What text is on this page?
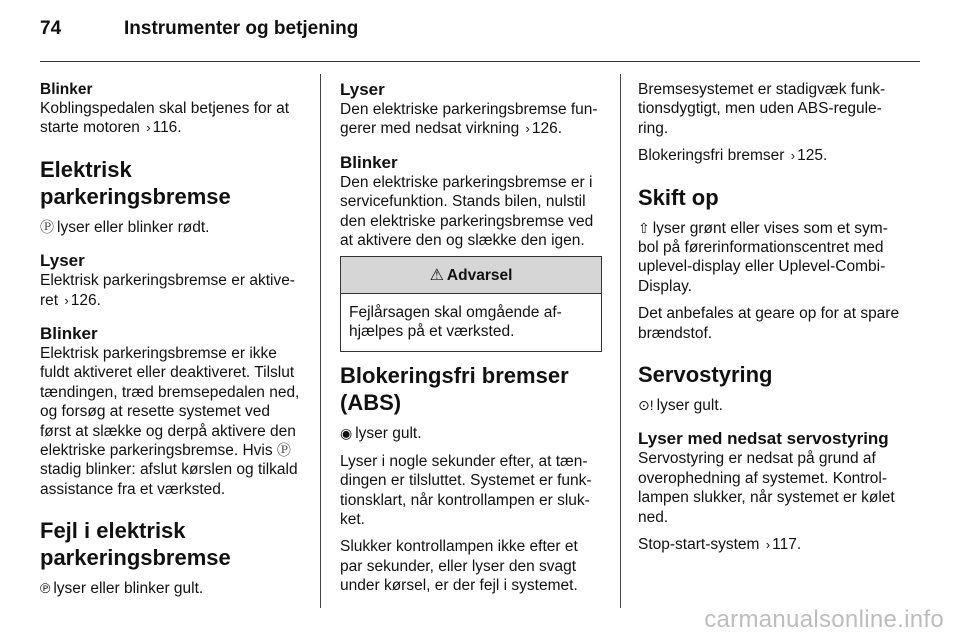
74	Instrumenter og betjening

Blinker

Koblingspedalen skal betjenes for at starte motoren › 116.

Elektrisk

parkeringsbremse

Ⓟ lyser eller blinker rødt.

Lyser

Elektrisk parkeringsbremse er aktive-ret › 126.

Blinker

Elektrisk parkeringsbremse er ikke fuldt aktiveret eller deaktiveret. Tilslut tændingen, træd bremsepedalen ned, og forsøg at resette systemet ved først at slække og derpå aktivere den elektriske parkeringsbremse. Hvis Ⓟstadig blinker: afslut kørslen og tilkald assistance fra et værksted.

Fejl i elektrisk

parkeringsbremse

℗ lyser eller blinker gult.

Lyser

Den elektriske parkeringsbremse fun-gerer med nedsat virkning › 126.

Blinker

Den elektriske parkeringsbremse er i servicefunktion. Stands bilen, nulstil den elektriske parkeringsbremse ved at aktivere den og slække den igen.

⚠ Advarsel
Fejlårsagen skal omgående af-hjælpes på et værksted.

Blokeringsfri bremser

(ABS)

◉ lyser gult.

Lyser i nogle sekunder efter, at tæn-dingen er tilsluttet. Systemet er funk-tionsklart, når kontrollampen er sluk-ket.

Slukker kontrollampen ikke efter et par sekunder, eller lyser den svagt under kørsel, er der fejl i systemet.

Bremsesystemet er stadigvæk funk-tionsdygtigt, men uden ABS-regule-ring.

Blokeringsfri bremser › 125.

Skift op

⇧ lyser grønt eller vises som et sym-bol på førerinformationscentret med uplevel-display eller Uplevel-Combi-Display.

Det anbefales at geare op for at spare brændstof.

Servostyring

⊙! lyser gult.

Lyser med nedsat servostyring

Servostyring er nedsat på grund af overophedning af systemet. Kontrol-lampen slukker, når systemet er kølet ned.

Stop-start-system › 117.

carmanualsonline.info
